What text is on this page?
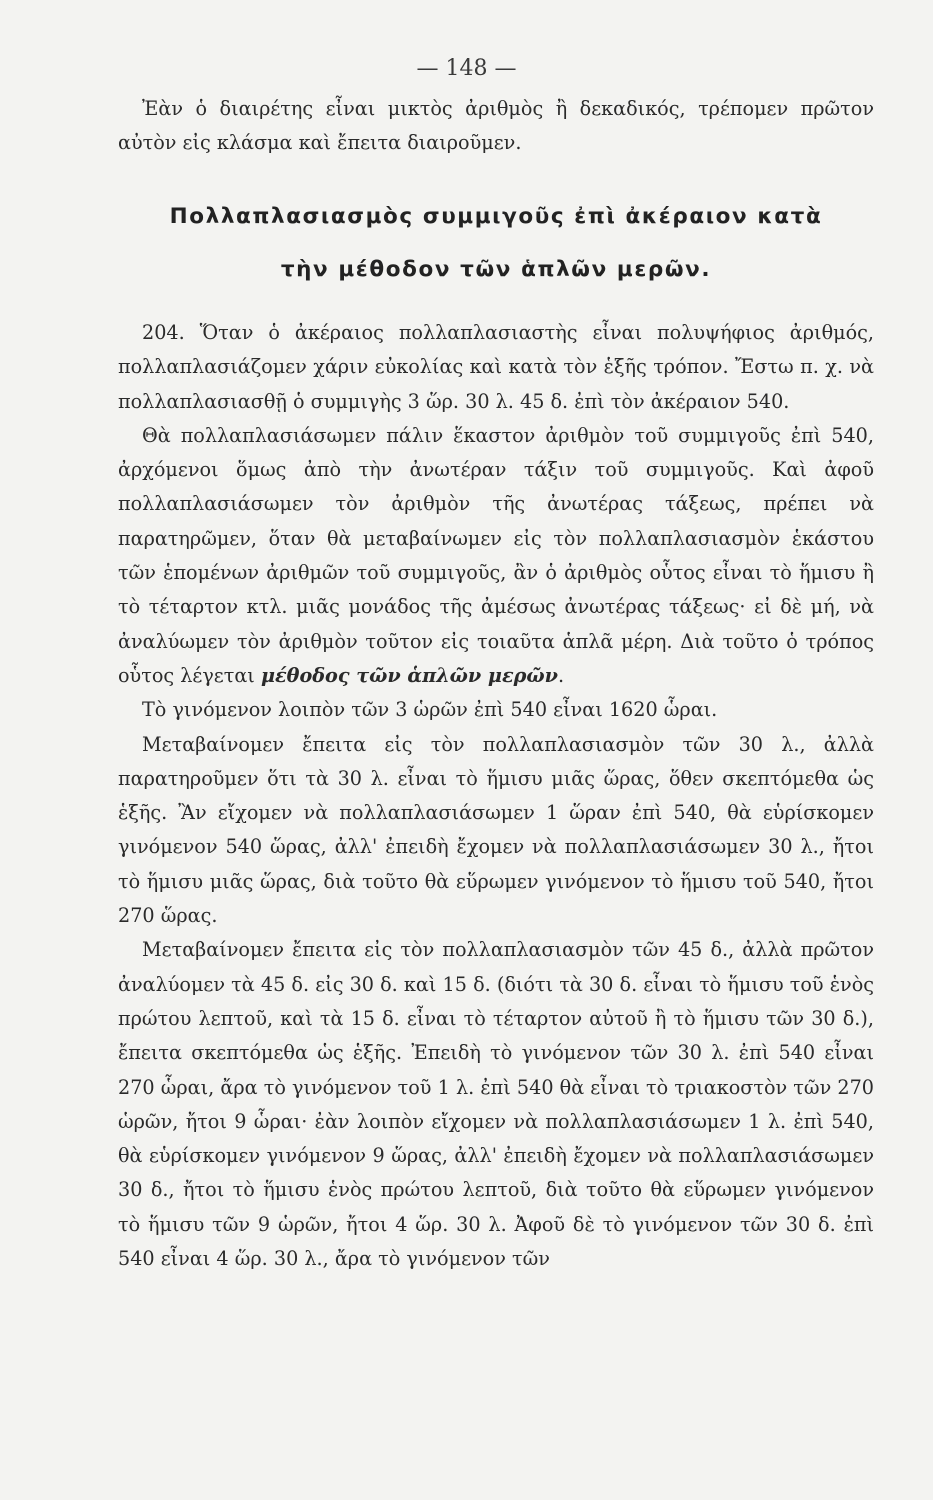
— 148 —

Ἐὰν ὁ διαιρέτης εἶναι μικτὸς ἀριθμὸς ἢ δεκαδικός, τρέπομεν πρῶτον αὐτὸν εἰς κλάσμα καὶ ἔπειτα διαιροῦμεν.

Πολλαπλασιασμὸς συμμιγοῦς ἐπὶ ἀκέραιον κατὰ
τὴν μέθοδον τῶν ἁπλῶν μερῶν.

204. Ὅταν ὁ ἀκέραιος πολλαπλασιαστὴς εἶναι πολυψήφιος ἀριθμός, πολλαπλασιάζομεν χάριν εὐκολίας καὶ κατὰ τὸν ἑξῆς τρόπον. Ἔστω π. χ. νὰ πολλαπλασιασθῇ ὁ συμμιγὴς 3 ὥρ. 30 λ. 45 δ. ἐπὶ τὸν ἀκέραιον 540.

Θὰ πολλαπλασιάσωμεν πάλιν ἕκαστον ἀριθμὸν τοῦ συμμιγοῦς ἐπὶ 540, ἀρχόμενοι ὅμως ἀπὸ τὴν ἀνωτέραν τάξιν τοῦ συμμιγοῦς. Καὶ ἀφοῦ πολλαπλασιάσωμεν τὸν ἀριθμὸν τῆς ἀνωτέρας τάξεως, πρέπει νὰ παρατηρῶμεν, ὅταν θὰ μεταβαίνωμεν εἰς τὸν πολλαπλασιασμὸν ἑκάστου τῶν ἑπομένων ἀριθμῶν τοῦ συμμιγοῦς, ἂν ὁ ἀριθμὸς οὗτος εἶναι τὸ ἥμισυ ἢ τὸ τέταρτον κτλ. μιᾶς μονάδος τῆς ἀμέσως ἀνωτέρας τάξεως· εἰ δὲ μή, νὰ ἀναλύωμεν τὸν ἀριθμὸν τοῦτον εἰς τοιαῦτα ἁπλᾶ μέρη. Διὰ τοῦτο ὁ τρόπος οὗτος λέγεται μέθοδος τῶν ἁπλῶν μερῶν.

Τὸ γινόμενον λοιπὸν τῶν 3 ὡρῶν ἐπὶ 540 εἶναι 1620 ὧραι.

Μεταβαίνομεν ἔπειτα εἰς τὸν πολλαπλασιασμὸν τῶν 30 λ., ἀλλὰ παρατηροῦμεν ὅτι τὰ 30 λ. εἶναι τὸ ἥμισυ μιᾶς ὥρας, ὅθεν σκεπτόμεθα ὡς ἑξῆς. Ἂν εἴχομεν νὰ πολλαπλασιάσωμεν 1 ὥραν ἐπὶ 540, θὰ εὑρίσκομεν γινόμενον 540 ὥρας, ἀλλ' ἐπειδὴ ἔχομεν νὰ πολλαπλασιάσωμεν 30 λ., ἤτοι τὸ ἥμισυ μιᾶς ὥρας, διὰ τοῦτο θὰ εὕρωμεν γινόμενον τὸ ἥμισυ τοῦ 540, ἤτοι 270 ὥρας.

Μεταβαίνομεν ἔπειτα εἰς τὸν πολλαπλασιασμὸν τῶν 45 δ., ἀλλὰ πρῶτον ἀναλύομεν τὰ 45 δ. εἰς 30 δ. καὶ 15 δ. (διότι τὰ 30 δ. εἶναι τὸ ἥμισυ τοῦ ἑνὸς πρώτου λεπτοῦ, καὶ τὰ 15 δ. εἶναι τὸ τέταρτον αὐτοῦ ἢ τὸ ἥμισυ τῶν 30 δ.), ἔπειτα σκεπτόμεθα ὡς ἑξῆς. Ἐπειδὴ τὸ γινόμενον τῶν 30 λ. ἐπὶ 540 εἶναι 270 ὧραι, ἄρα τὸ γινόμενον τοῦ 1 λ. ἐπὶ 540 θὰ εἶναι τὸ τριακοστὸν τῶν 270 ὡρῶν, ἤτοι 9 ὧραι· ἐὰν λοιπὸν εἴχομεν νὰ πολλαπλασιάσωμεν 1 λ. ἐπὶ 540, θὰ εὑρίσκομεν γινόμενον 9 ὥρας, ἀλλ' ἐπειδὴ ἔχομεν νὰ πολλαπλασιάσωμεν 30 δ., ἤτοι τὸ ἥμισυ ἑνὸς πρώτου λεπτοῦ, διὰ τοῦτο θὰ εὕρωμεν γινόμενον τὸ ἥμισυ τῶν 9 ὡρῶν, ἤτοι 4 ὥρ. 30 λ. Ἀφοῦ δὲ τὸ γινόμενον τῶν 30 δ. ἐπὶ 540 εἶναι 4 ὥρ. 30 λ., ἄρα τὸ γινόμενον τῶν
